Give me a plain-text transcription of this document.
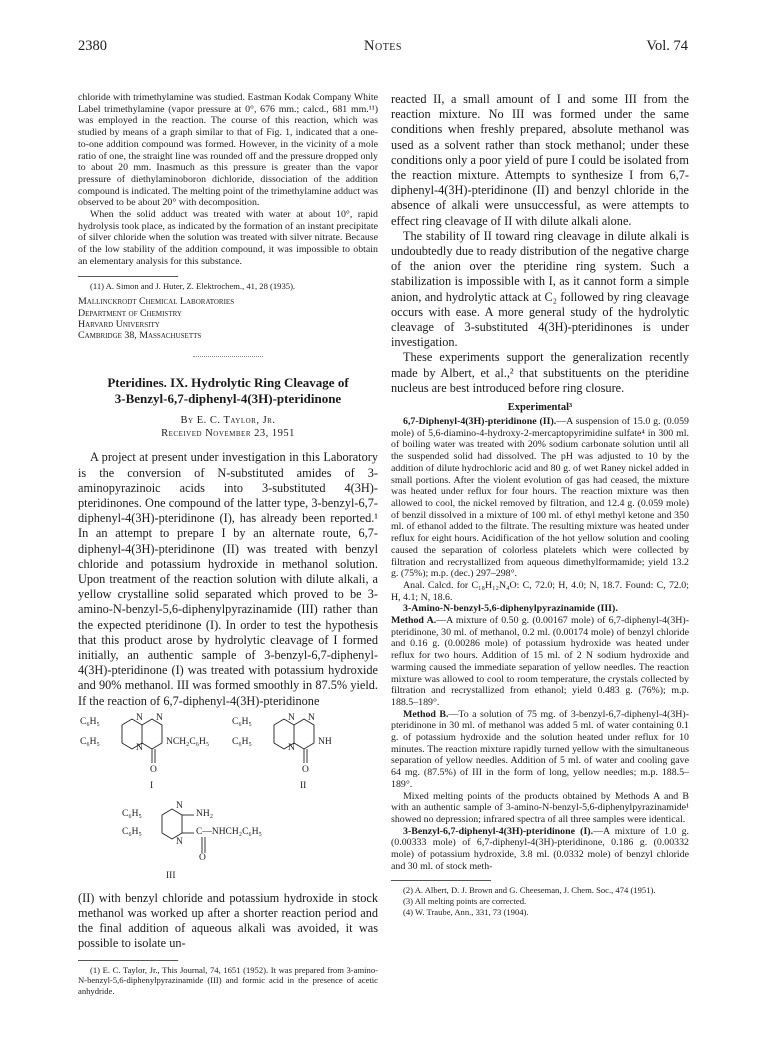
2380	Notes	Vol. 74

chloride with trimethylamine was studied. Eastman Kodak Company White Label trimethylamine (vapor pressure at 0°, 676 mm.; calcd., 681 mm.¹¹) was employed in the reaction. The course of this reaction, which was studied by means of a graph similar to that of Fig. 1, indicated that a one-to-one addition compound was formed. However, in the vicinity of a mole ratio of one, the straight line was rounded off and the pressure dropped only to about 20 mm. Inasmuch as this pressure is greater than the vapor pressure of diethylaminoboron dichloride, dissociation of the addition compound is indicated. The melting point of the trimethylamine adduct was observed to be about 20° with decomposition.

When the solid adduct was treated with water at about 10°, rapid hydrolysis took place, as indicated by the formation of an instant precipitate of silver chloride when the solution was treated with silver nitrate. Because of the low stability of the addition compound, it was impossible to obtain an elementary analysis for this substance.

(11) A. Simon and J. Huter, Z. Elektrochem., 41, 28 (1935).

Mallinckrodt Chemical Laboratories
Department of Chemistry
Harvard University
Cambridge 38, Massachusetts
Pteridines. IX. Hydrolytic Ring Cleavage of
3-Benzyl-6,7-diphenyl-4(3H)-pteridinone
By E. C. Taylor, Jr.
Received November 23, 1951

A project at present under investigation in this Laboratory is the conversion of N-substituted amides of 3-aminopyrazinoic acids into 3-substituted 4(3H)-pteridinones. One compound of the latter type, 3-benzyl-6,7-diphenyl-4(3H)-pteridinone (I), has already been reported.¹ In an attempt to prepare I by an alternate route, 6,7-diphenyl-4(3H)-pteridinone (II) was treated with benzyl chloride and potassium hydroxide in methanol solution. Upon treatment of the reaction solution with dilute alkali, a yellow crystalline solid separated which proved to be 3-amino-N-benzyl-5,6-diphenylpyrazinamide (III) rather than the expected pteridinone (I). In order to test the hypothesis that this product arose by hydrolytic cleavage of I formed initially, an authentic sample of 3-benzyl-6,7-diphenyl-4(3H)-pteridinone (I) was treated with potassium hydroxide and 90% methanol. III was formed smoothly in 87.5% yield. If the reaction of 6,7-diphenyl-4(3H)-pteridinone

C₆H₅
C₆H₅
N N
N
NCH₂C₆H₅
O
I
C₆H₅
C₆H₅
N N
N
NH
O
II
C₆H₅
C₆H₅
N
N
NH₂
C—NHCH₂C₆H₅
O
III

(II) with benzyl chloride and potassium hydroxide in stock methanol was worked up after a shorter reaction period and the final addition of aqueous alkali was avoided, it was possible to isolate un-

(1) E. C. Taylor, Jr., This Journal, 74, 1651 (1952). It was prepared from 3-amino-N-benzyl-5,6-diphenylpyrazinamide (III) and formic acid in the presence of acetic anhydride.

reacted II, a small amount of I and some III from the reaction mixture. No III was formed under the same conditions when freshly prepared, absolute methanol was used as a solvent rather than stock methanol; under these conditions only a poor yield of pure I could be isolated from the reaction mixture. Attempts to synthesize I from 6,7-diphenyl-4(3H)-pteridinone (II) and benzyl chloride in the absence of alkali were unsuccessful, as were attempts to effect ring cleavage of II with dilute alkali alone.

The stability of II toward ring cleavage in dilute alkali is undoubtedly due to ready distribution of the negative charge of the anion over the pteridine ring system. Such a stabilization is impossible with I, as it cannot form a simple anion, and hydrolytic attack at C₂ followed by ring cleavage occurs with ease. A more general study of the hydrolytic cleavage of 3-substituted 4(3H)-pteridinones is under investigation.

These experiments support the generalization recently made by Albert, et al.,² that substituents on the pteridine nucleus are best introduced before ring closure.

Experimental³

6,7-Diphenyl-4(3H)-pteridinone (II).—A suspension of 15.0 g. (0.059 mole) of 5,6-diamino-4-hydroxy-2-mercaptopyrimidine sulfate⁴ in 300 ml. of boiling water was treated with 20% sodium carbonate solution until all the suspended solid had dissolved. The pH was adjusted to 10 by the addition of dilute hydrochloric acid and 80 g. of wet Raney nickel added in small portions. After the violent evolution of gas had ceased, the mixture was heated under reflux for four hours. The reaction mixture was then allowed to cool, the nickel removed by filtration, and 12.4 g. (0.059 mole) of benzil dissolved in a mixture of 100 ml. of ethyl methyl ketone and 350 ml. of ethanol added to the filtrate. The resulting mixture was heated under reflux for eight hours. Acidification of the hot yellow solution and cooling caused the separation of colorless platelets which were collected by filtration and recrystallized from aqueous dimethylformamide; yield 13.2 g. (75%); m.p. (dec.) 297–298°.

Anal. Calcd. for C₁₈H₁₂N₄O: C, 72.0; H, 4.0; N, 18.7. Found: C, 72.0; H, 4.1; N, 18.6.

3-Amino-N-benzyl-5,6-diphenylpyrazinamide (III).
Method A.—A mixture of 0.50 g. (0.00167 mole) of 6,7-diphenyl-4(3H)-pteridinone, 30 ml. of methanol, 0.2 ml. (0.00174 mole) of benzyl chloride and 0.16 g. (0.00286 mole) of potassium hydroxide was heated under reflux for two hours. Addition of 15 ml. of 2 N sodium hydroxide and warming caused the immediate separation of yellow needles. The reaction mixture was allowed to cool to room temperature, the crystals collected by filtration and recrystallized from ethanol; yield 0.483 g. (76%); m.p. 188.5–189°.

Method B.—To a solution of 75 mg. of 3-benzyl-6,7-diphenyl-4(3H)-pteridinone in 30 ml. of methanol was added 5 ml. of water containing 0.1 g. of potassium hydroxide and the solution heated under reflux for 10 minutes. The reaction mixture rapidly turned yellow with the simultaneous separation of yellow needles. Addition of 5 ml. of water and cooling gave 64 mg. (87.5%) of III in the form of long, yellow needles; m.p. 188.5–189°.

Mixed melting points of the products obtained by Methods A and B with an authentic sample of 3-amino-N-benzyl-5,6-diphenylpyrazinamide¹ showed no depression; infrared spectra of all three samples were identical.

3-Benzyl-6,7-diphenyl-4(3H)-pteridinone (I).—A mixture of 1.0 g. (0.00333 mole) of 6,7-diphenyl-4(3H)-pteridinone, 0.186 g. (0.00332 mole) of potassium hydroxide, 3.8 ml. (0.0332 mole) of benzyl chloride and 30 ml. of stock meth-

(2) A. Albert, D. J. Brown and G. Cheeseman, J. Chem. Soc., 474 (1951).

(3) All melting points are corrected.

(4) W. Traube, Ann., 331, 73 (1904).
